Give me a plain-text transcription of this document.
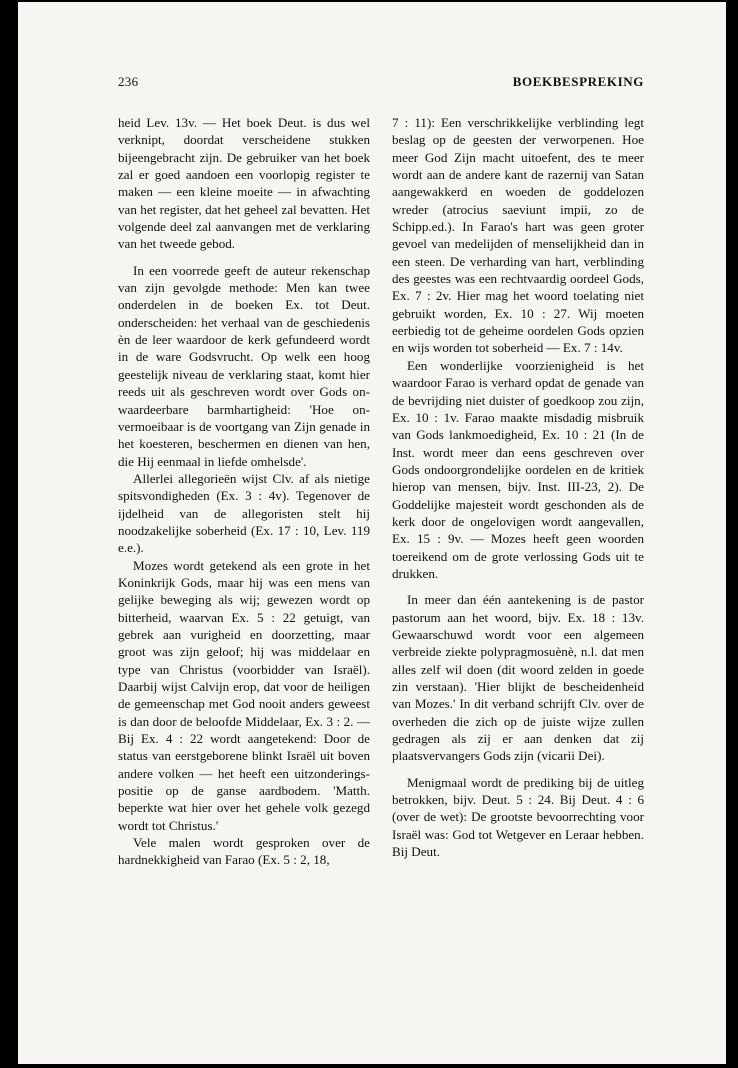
236	BOEKBESPREKING

heid Lev. 13v. — Het boek Deut. is dus wel verknipt, doordat verscheidene stukken bijeengebracht zijn. De gebruiker van het boek zal er goed aandoen een voorlopig register te maken — een kleine moeite — in afwachting van het register, dat het geheel zal bevatten. Het volgende deel zal aanvangen met de verklaring van het tweede gebod.

In een voorrede geeft de auteur rekenschap van zijn gevolgde methode: Men kan twee onderdelen in de boeken Ex. tot Deut. onderscheiden: het verhaal van de geschiedenis èn de leer waardoor de kerk gefundeerd wordt in de ware Godsvrucht. Op welk een hoog geestelijk niveau de verklaring staat, komt hier reeds uit als geschreven wordt over Gods onwaardeerbare barmhartigheid: 'Hoe onvermoeibaar is de voortgang van Zijn genade in het koesteren, beschermen en dienen van hen, die Hij eenmaal in liefde omhelsde'.

Allerlei allegorieën wijst Clv. af als nietige spitsvondigheden (Ex. 3 : 4v). Tegenover de ijdelheid van de allegoristen stelt hij noodzakelijke soberheid (Ex. 17 : 10, Lev. 119 e.e.).

Mozes wordt getekend als een grote in het Koninkrijk Gods, maar hij was een mens van gelijke beweging als wij; gewezen wordt op bitterheid, waarvan Ex. 5 : 22 getuigt, van gebrek aan vurigheid en doorzetting, maar groot was zijn geloof; hij was middelaar en type van Christus (voorbidder van Israël). Daarbij wijst Calvijn erop, dat voor de heiligen de gemeenschap met God nooit anders geweest is dan door de beloofde Middelaar, Ex. 3 : 2. — Bij Ex. 4 : 22 wordt aangetekend: Door de status van eerstgeborene blinkt Israël uit boven andere volken — het heeft een uitzonderingspositie op de ganse aardbodem. 'Matth. beperkte wat hier over het gehele volk gezegd wordt tot Christus.'

Vele malen wordt gesproken over de hardnekkigheid van Farao (Ex. 5 : 2, 18,

7 : 11): Een verschrikkelijke verblinding legt beslag op de geesten der verworpenen. Hoe meer God Zijn macht uitoefent, des te meer wordt aan de andere kant de razernij van Satan aangewakkerd en woeden de goddelozen wreder (atrocius saeviunt impii, zo de Schipp.ed.). In Farao's hart was geen groter gevoel van medelijden of menselijkheid dan in een steen. De verharding van hart, verblinding des geestes was een rechtvaardig oordeel Gods, Ex. 7 : 2v. Hier mag het woord toelating niet gebruikt worden, Ex. 10 : 27. Wij moeten eerbiedig tot de geheime oordelen Gods opzien en wijs worden tot soberheid — Ex. 7 : 14v.

Een wonderlijke voorzienigheid is het waardoor Farao is verhard opdat de genade van de bevrijding niet duister of goedkoop zou zijn, Ex. 10 : 1v. Farao maakte misdadig misbruik van Gods lankmoedigheid, Ex. 10 : 21 (In de Inst. wordt meer dan eens geschreven over Gods ondoorgrondelijke oordelen en de kritiek hierop van mensen, bijv. Inst. III-23, 2). De Goddelijke majesteit wordt geschonden als de kerk door de ongelovigen wordt aangevallen, Ex. 15 : 9v. — Mozes heeft geen woorden toereikend om de grote verlossing Gods uit te drukken.

In meer dan één aantekening is de pastor pastorum aan het woord, bijv. Ex. 18 : 13v. Gewaarschuwd wordt voor een algemeen verbreide ziekte polypragmosuènè, n.l. dat men alles zelf wil doen (dit woord zelden in goede zin verstaan). 'Hier blijkt de bescheidenheid van Mozes.' In dit verband schrijft Clv. over de overheden die zich op de juiste wijze zullen gedragen als zij er aan denken dat zij plaatsvervangers Gods zijn (vicarii Dei).

Menigmaal wordt de prediking bij de uitleg betrokken, bijv. Deut. 5 : 24. Bij Deut. 4 : 6 (over de wet): De grootste bevoorrechting voor Israël was: God tot Wetgever en Leraar hebben. Bij Deut.
